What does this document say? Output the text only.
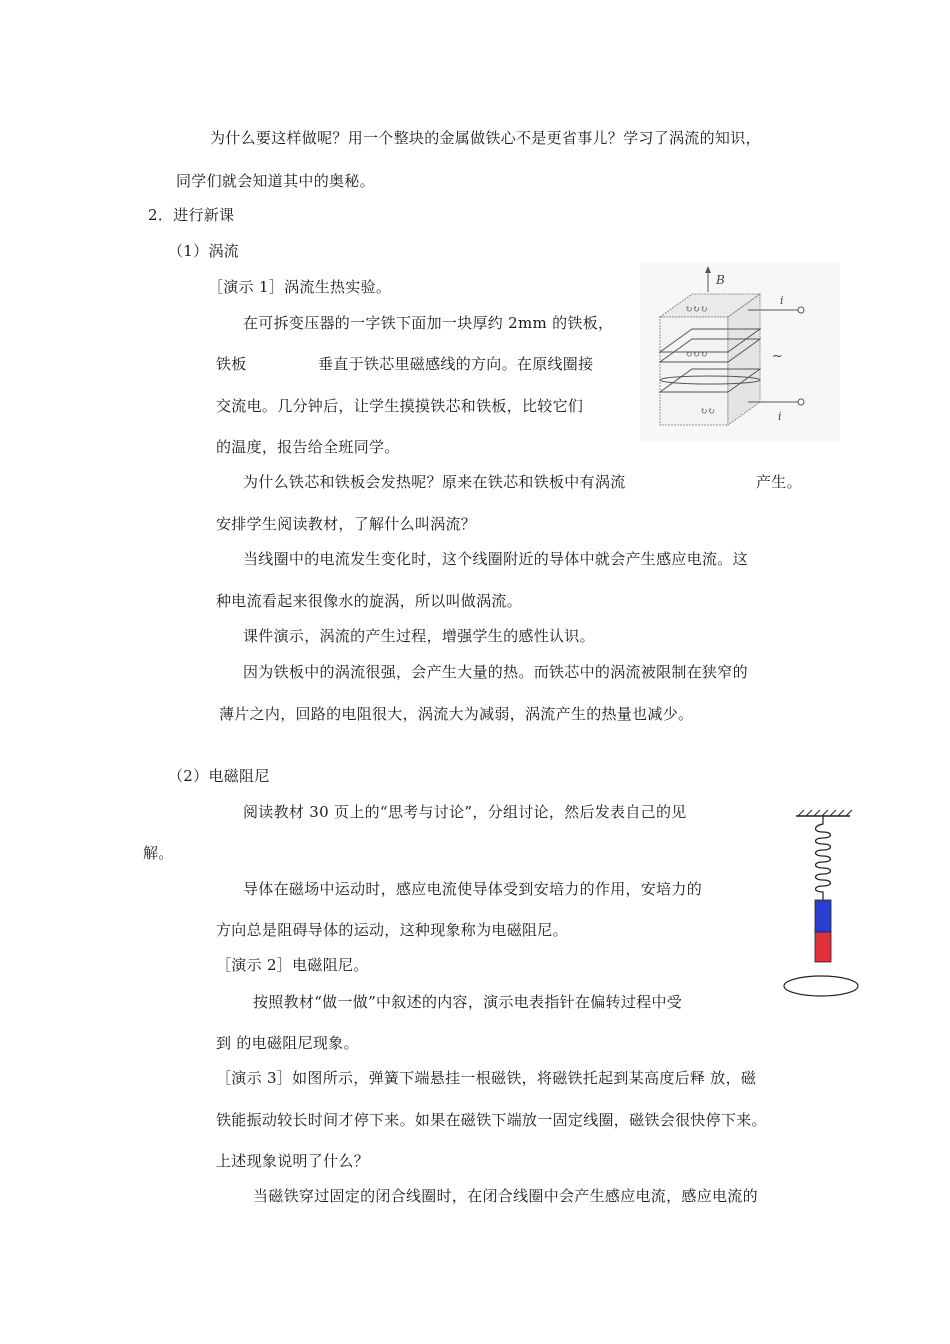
为什么要这样做呢？用一个整块的金属做铁心不是更省事儿？学习了涡流的知识，
同学们就会知道其中的奥秘。
2．进行新课
（1）涡流
［演示 1］涡流生热实验。
在可拆变压器的一字铁下面加一块厚约 2mm 的铁板，
铁板	垂直于铁芯里磁感线的方向。在原线圈接
交流电。几分钟后，让学生摸摸铁芯和铁板，比较它们
的温度，报告给全班同学。
为什么铁芯和铁板会发热呢？原来在铁芯和铁板中有涡流	产生。
安排学生阅读教材，了解什么叫涡流？
当线圈中的电流发生变化时，这个线圈附近的导体中就会产生感应电流。这
种电流看起来很像水的旋涡，所以叫做涡流。
课件演示，涡流的产生过程，增强学生的感性认识。
因为铁板中的涡流很强，会产生大量的热。而铁芯中的涡流被限制在狭窄的
薄片之内，回路的电阻很大，涡流大为减弱，涡流产生的热量也减少。
（2）电磁阻尼
阅读教材 30 页上的“思考与讨论”，分组讨论，然后发表自己的见
解。
导体在磁场中运动时，感应电流使导体受到安培力的作用，安培力的
方向总是阻碍导体的运动，这种现象称为电磁阻尼。
［演示 2］电磁阻尼。
按照教材“做一做”中叙述的内容，演示电表指针在偏转过程中受
到 的电磁阻尼现象。
［演示 3］如图所示，弹簧下端悬挂一根磁铁，将磁铁托起到某高度后释 放，磁
铁能振动较长时间才停下来。如果在磁铁下端放一固定线圈，磁铁会很快停下来。
上述现象说明了什么？
当磁铁穿过固定的闭合线圈时，在闭合线圈中会产生感应电流，感应电流的
B
↻↻↻
↻↻↻
↻↻
i
i
~
